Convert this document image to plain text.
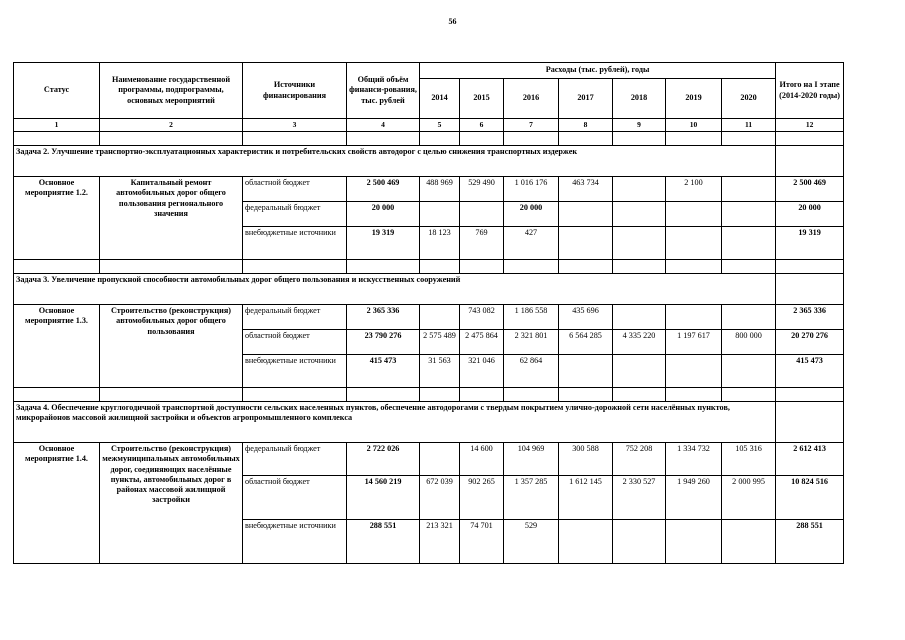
56
Статус	Наименование государственной программы, подпрограммы, основных мероприятий	Источники финансирования	Общий объём финанси-рования, тыс. рублей	Расходы (тыс. рублей), годы							Итого на I этапе (2014-2020 годы)
				2014	2015	2016	2017	2018	2019	2020	
1	2	3	4	5	6	7	8	9	10	11	12

Задача 2. Улучшение транспортно-эксплуатационных характеристик и потребительских свойств автодорог с целью снижения транспортных издержек											
Основное мероприятие 1.2.	Капитальный ремонт автомобильных дорог общего пользования регионального значения	областной бюджет	2 500 469	488 969	529 490	1 016 176	463 734		2 100		2 500 469
		федеральный бюджет	20 000			20 000					20 000
		внебюджетные источники	19 319	18 123	769	427					19 319

Задача 3. Увеличение пропускной способности автомобильных дорог общего пользования и искусственных сооружений											
Основное мероприятие 1.3.	Строительство (реконструкция) автомобильных дорог общего пользования	федеральный бюджет	2 365 336		743 082	1 186 558	435 696				2 365 336
		областной бюджет	23 790 276	2 575 489	2 475 864	2 321 801	6 564 285	4 335 220	1 197 617	800 000	20 270 276
		внебюджетные источники	415 473	31 563	321 046	62 864					415 473

Задача 4. Обеспечение круглогодичной транспортной доступности сельских населенных пунктов, обеспечение автодорогами с твердым покрытием улично-дорожной сети населённых пунктов, микрорайонов массовой жилищной застройки и объектов агропромышленного комплекса											
Основное мероприятие 1.4.	Строительство (реконструкция) межмуниципальных автомобильных дорог, соединяющих населённые пункты, автомобильных дорог в районах массовой жилищной застройки	федеральный бюджет	2 722 026		14 600	104 969	300 588	752 208	1 334 732	105 316	2 612 413
		областной бюджет	14 560 219	672 039	902 265	1 357 285	1 612 145	2 330 527	1 949 260	2 000 995	10 824 516
		внебюджетные источники	288 551	213 321	74 701	529					288 551
